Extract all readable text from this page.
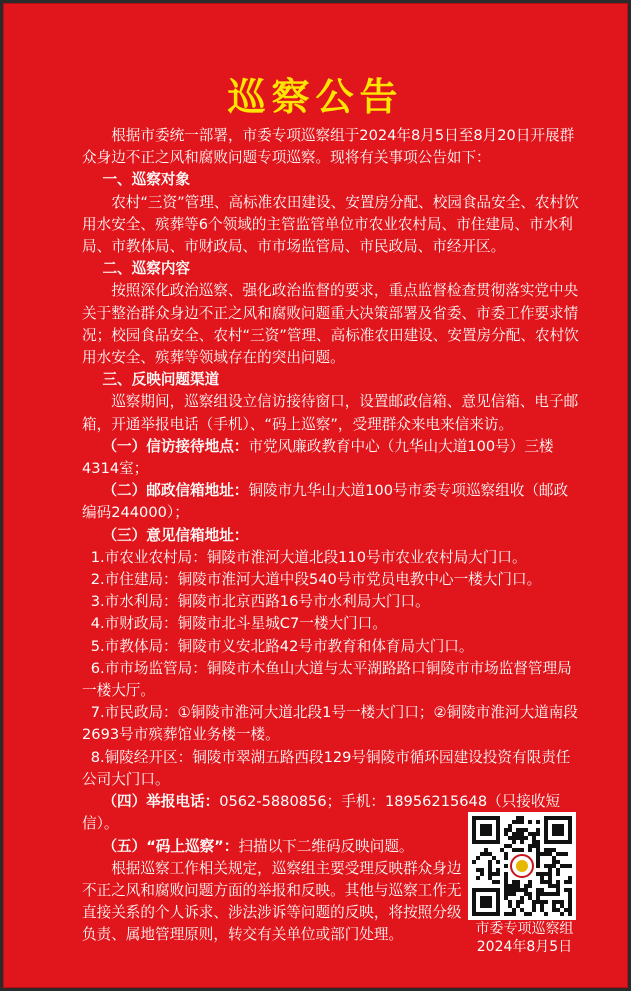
巡察公告

根据市委统一部署，市委专项巡察组于2024年8月5日至8月20日开展群众身边不正之风和腐败问题专项巡察。现将有关事项公告如下：

一、巡察对象

农村“三资”管理、高标准农田建设、安置房分配、校园食品安全、农村饮用水安全、殡葬等6个领域的主管监管单位市农业农村局、市住建局、市水利局、市教体局、市财政局、市市场监管局、市民政局、市经开区。

二、巡察内容

按照深化政治巡察、强化政治监督的要求，重点监督检查贯彻落实党中央关于整治群众身边不正之风和腐败问题重大决策部署及省委、市委工作要求情况；校园食品安全、农村“三资”管理、高标准农田建设、安置房分配、农村饮用水安全、殡葬等领域存在的突出问题。

三、反映问题渠道

巡察期间，巡察组设立信访接待窗口，设置邮政信箱、意见信箱、电子邮箱，开通举报电话（手机）、“码上巡察”，受理群众来电来信来访。

（一）信访接待地点：市党风廉政教育中心（九华山大道100号）三楼4314室；

（二）邮政信箱地址：铜陵市九华山大道100号市委专项巡察组收（邮政编码244000）；

（三）意见信箱地址：

1.市农业农村局：铜陵市淮河大道北段110号市农业农村局大门口。

2.市住建局：铜陵市淮河大道中段540号市党员电教中心一楼大门口。

3.市水利局：铜陵市北京西路16号市水利局大门口。

4.市财政局：铜陵市北斗星城C7一楼大门口。

5.市教体局：铜陵市义安北路42号市教育和体育局大门口。

6.市市场监管局：铜陵市木鱼山大道与太平湖路路口铜陵市市场监督管理局一楼大厅。

7.市民政局：①铜陵市淮河大道北段1号一楼大门口；②铜陵市淮河大道南段2693号市殡葬馆业务楼一楼。

8.铜陵经开区：铜陵市翠湖五路西段129号铜陵市循环园建设投资有限责任公司大门口。

（四）举报电话：0562-5880856；手机：18956215648（只接收短信）。

（五）“码上巡察”：扫描以下二维码反映问题。

根据巡察工作相关规定，巡察组主要受理反映群众身边不正之风和腐败问题方面的举报和反映。其他与巡察工作无直接关系的个人诉求、涉法涉诉等问题的反映，将按照分级负责、属地管理原则，转交有关单位或部门处理。	市委专项巡察组
2024年8月5日
